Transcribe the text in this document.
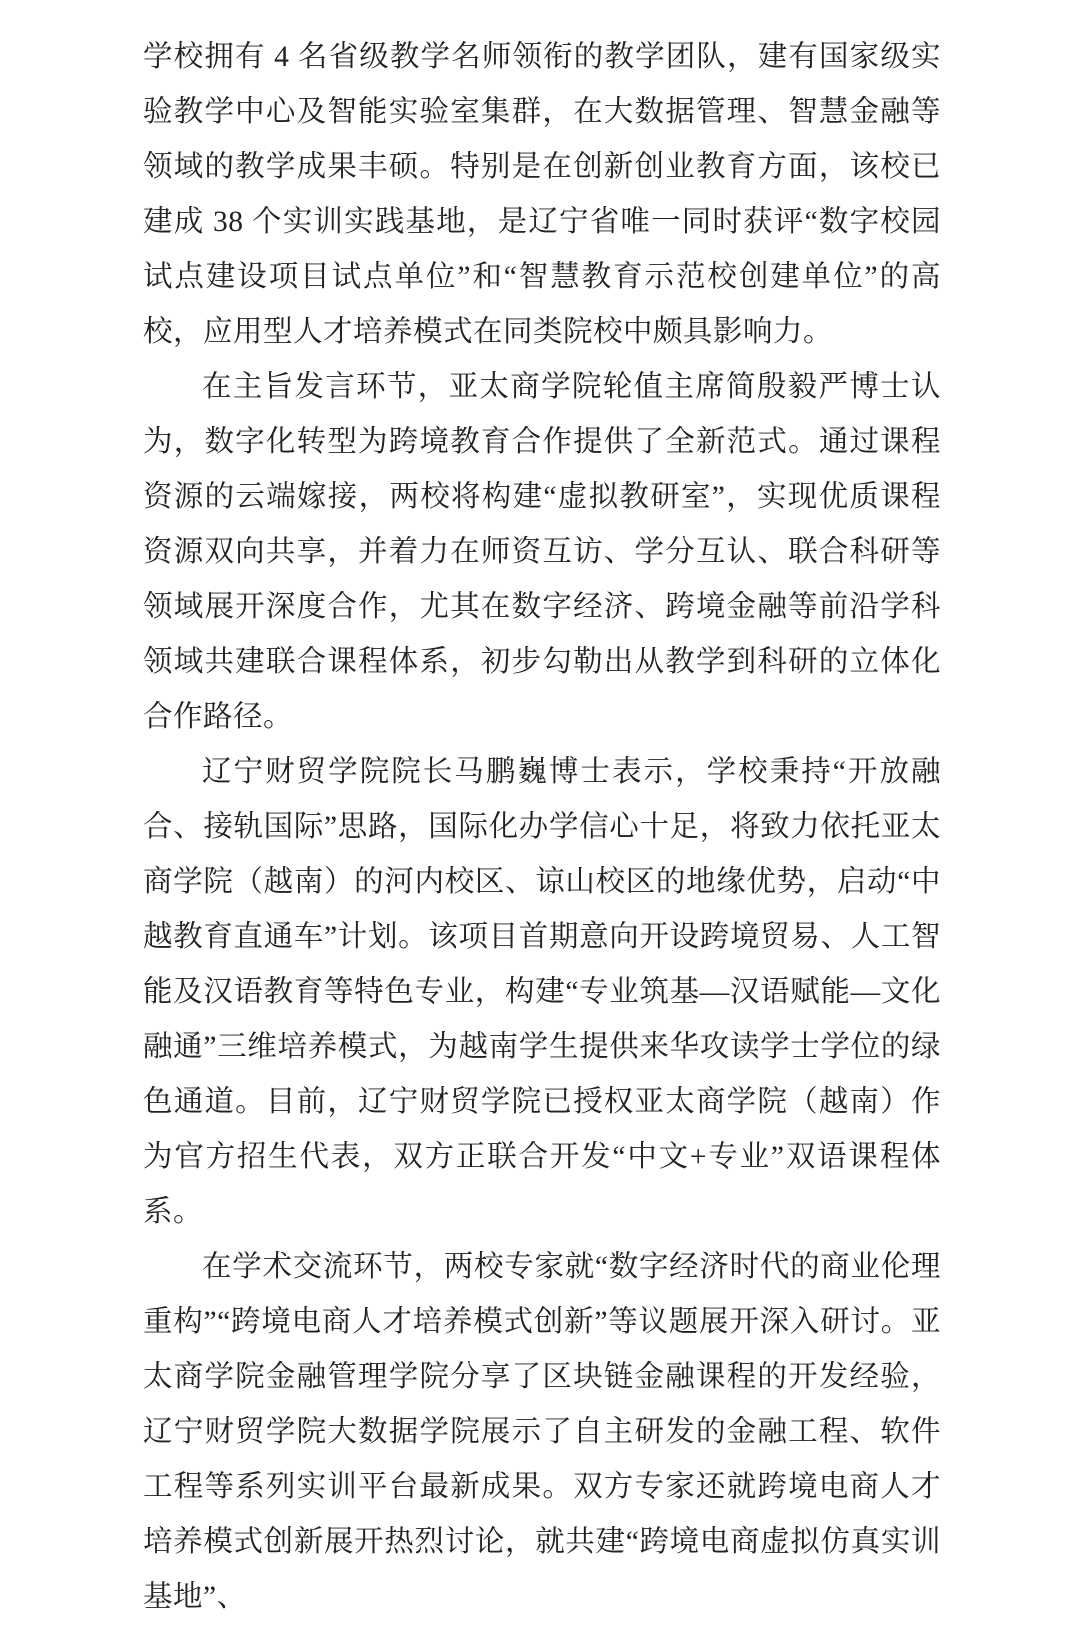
学校拥有 4 名省级教学名师领衔的教学团队，建有国家级实验教学中心及智能实验室集群，在大数据管理、智慧金融等领域的教学成果丰硕。特别是在创新创业教育方面，该校已建成 38 个实训实践基地，是辽宁省唯一同时获评“数字校园试点建设项目试点单位”和“智慧教育示范校创建单位”的高校，应用型人才培养模式在同类院校中颇具影响力。

在主旨发言环节，亚太商学院轮值主席简殷毅严博士认为，数字化转型为跨境教育合作提供了全新范式。通过课程资源的云端嫁接，两校将构建“虚拟教研室”，实现优质课程资源双向共享，并着力在师资互访、学分互认、联合科研等领域展开深度合作，尤其在数字经济、跨境金融等前沿学科领域共建联合课程体系，初步勾勒出从教学到科研的立体化合作路径。

辽宁财贸学院院长马鹏巍博士表示，学校秉持“开放融合、接轨国际”思路，国际化办学信心十足，将致力依托亚太商学院（越南）的河内校区、谅山校区的地缘优势，启动“中越教育直通车”计划。该项目首期意向开设跨境贸易、人工智能及汉语教育等特色专业，构建“专业筑基—汉语赋能—文化融通”三维培养模式，为越南学生提供来华攻读学士学位的绿色通道。目前，辽宁财贸学院已授权亚太商学院（越南）作为官方招生代表，双方正联合开发“中文+专业”双语课程体系。

在学术交流环节，两校专家就“数字经济时代的商业伦理重构”“跨境电商人才培养模式创新”等议题展开深入研讨。亚太商学院金融管理学院分享了区块链金融课程的开发经验，辽宁财贸学院大数据学院展示了自主研发的金融工程、软件工程等系列实训平台最新成果。双方专家还就跨境电商人才培养模式创新展开热烈讨论，就共建“跨境电商虚拟仿真实训基地”、
